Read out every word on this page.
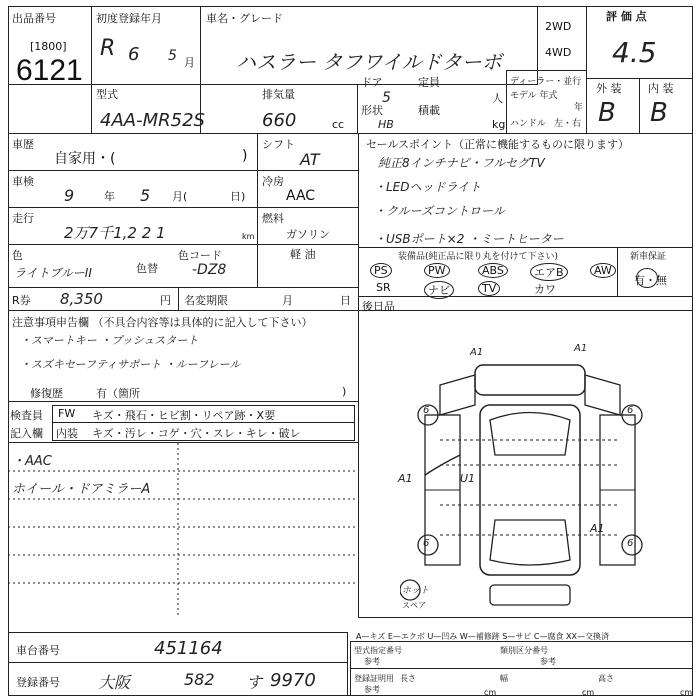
出品番号
[1800]
6121
初度登録年月
R 6 5 月
車名・グレード
ハスラー タフワイルドターボ
2WD
4WD
評 価 点
4.5
型式
4AA-MR52S
排気量
660	cc
ドア
5
定員
人
形状
HB
積載
kg
ディーラー・並行
モデル 年式
年
ハンドル 左・右
外 装 内 装
B B
車歴
自家用・(	)
シフト
AT
車検
9	年 5 月(	日)
冷房
AAC
走行
2万7千1,2 2 1	km
燃料
ガソリン
軽 油
色
ライトブルーII	色替
色コード
-DZ8
R券 8,350	円 名変期限	月	日
セールスポイント（正常に機能するものに限ります）
純正8インチナビ・フルセグTV
・LEDヘッドライト
・クルーズコントロール
・USBポート×2 ・ミートヒーター
装備品(純正品に限り丸を付けて下さい)	新車保証
有・無
PS	PW	ABS	エアB	AW
SR	ナビ	TV	カワ
後日品
注意事項申告欄 （不具合内容等は具体的に記入して下さい）
・スマートキー ・プッシュスタート
・スズキセーフティサポート ・ルーフレール
修復歴	有（箇所	)
検査員
記入欄
FW キズ・飛石・ヒビ割・リペア跡・X要
内装 キズ・汚レ・コゲ・穴・スレ・キレ・破レ
・AAC
ホイール・ドアミラーA
A1	A1
A1	U1
A1
ホット
スペア
6	6
6	6
車台番号	451164
登録番号 大阪	582 す 9970
A—キズ E—エクボ U—凹み W—補修跡 S—サビ C—腐食 XX—交換済
型式指定番号
参考
類別区分番号
参考
登録証明用
参考
長さ
cm
幅
cm
高さ
cm
